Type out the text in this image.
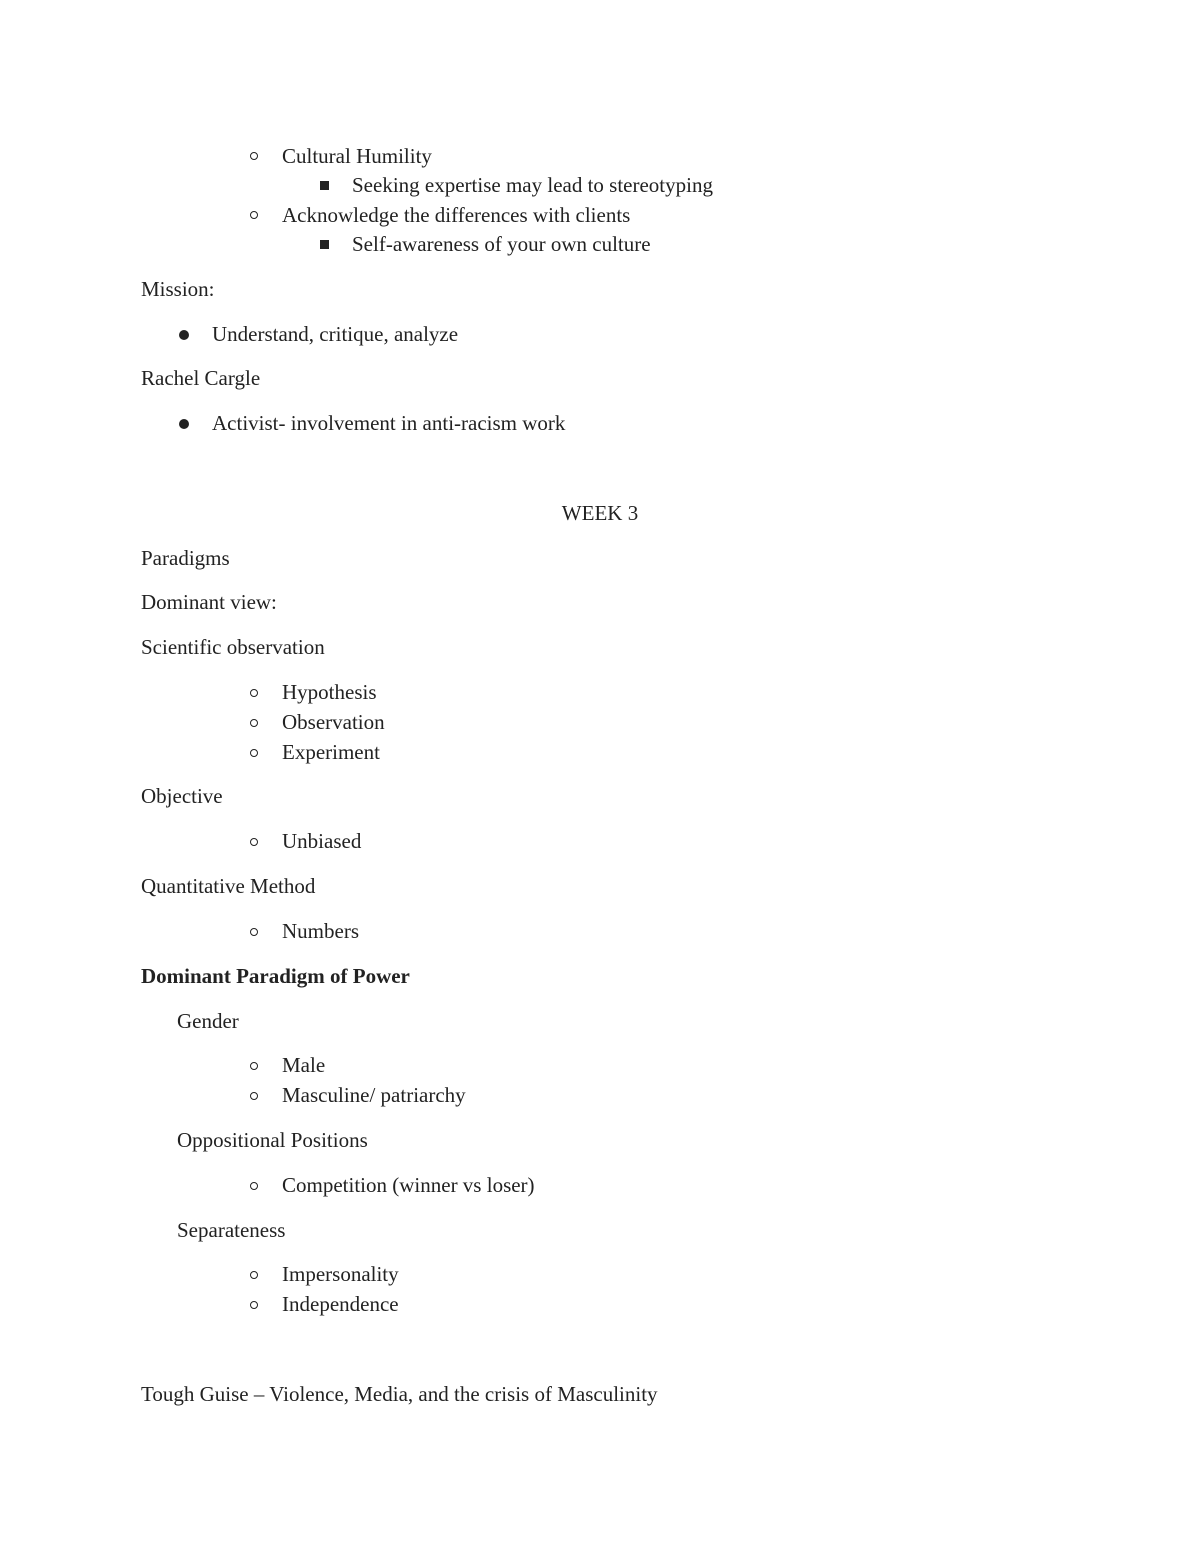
Cultural Humility
Seeking expertise may lead to stereotyping
Acknowledge the differences with clients
Self-awareness of your own culture
Mission:
Understand, critique, analyze
Rachel Cargle
Activist- involvement in anti-racism work
WEEK 3
Paradigms
Dominant view:
Scientific observation
Hypothesis
Observation
Experiment
Objective
Unbiased
Quantitative Method
Numbers
Dominant Paradigm of Power
Gender
Male
Masculine/ patriarchy
Oppositional Positions
Competition (winner vs loser)
Separateness
Impersonality
Independence
Tough Guise – Violence, Media, and the crisis of Masculinity
